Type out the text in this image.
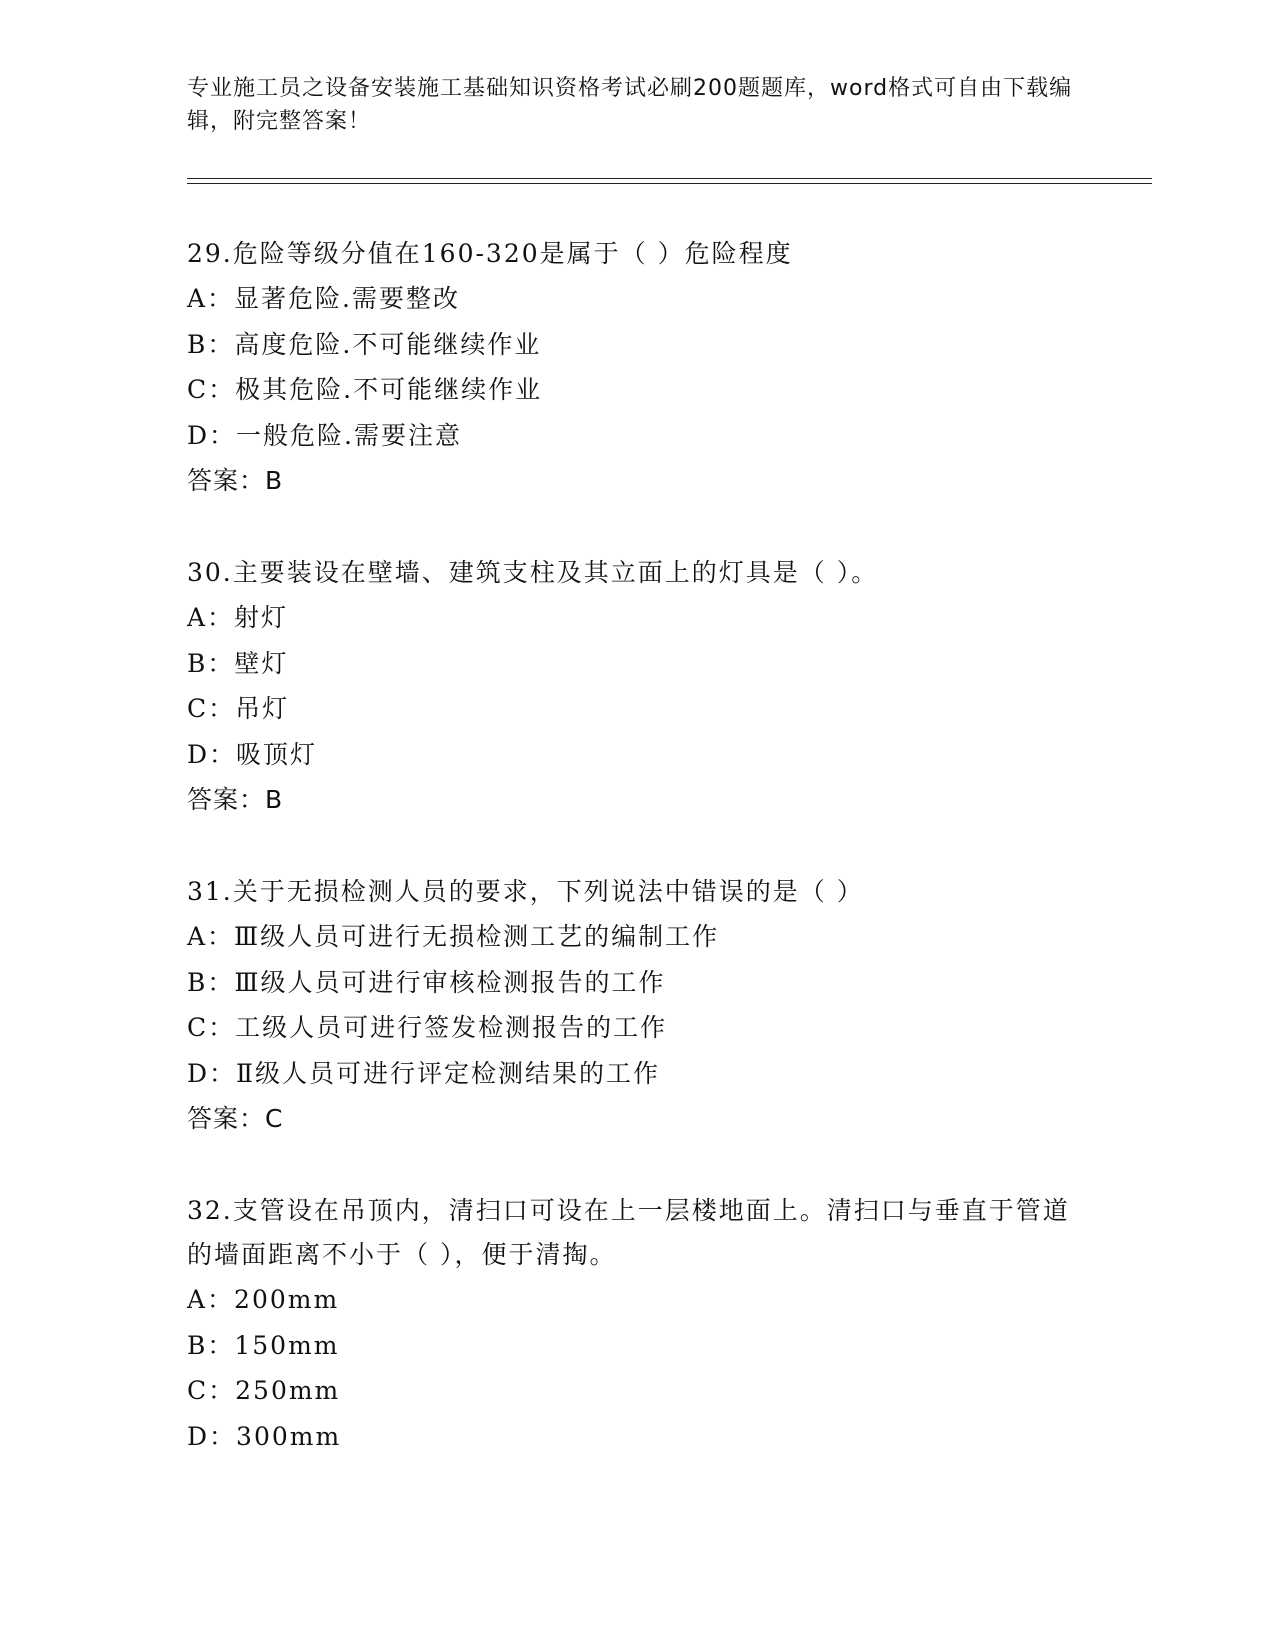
专业施工员之设备安装施工基础知识资格考试必刷200题题库，word格式可自由下载编辑，附完整答案！
29.危险等级分值在160-320是属于（ ）危险程度
A：显著危险.需要整改
B：高度危险.不可能继续作业
C：极其危险.不可能继续作业
D：一般危险.需要注意
答案：B
30.主要装设在壁墙、建筑支柱及其立面上的灯具是（ ）。
A：射灯
B：壁灯
C：吊灯
D：吸顶灯
答案：B
31.关于无损检测人员的要求，下列说法中错误的是（ ）
A：Ⅲ级人员可进行无损检测工艺的编制工作
B：Ⅲ级人员可进行审核检测报告的工作
C：工级人员可进行签发检测报告的工作
D：Ⅱ级人员可进行评定检测结果的工作
答案：C
32.支管设在吊顶内，清扫口可设在上一层楼地面上。清扫口与垂直于管道的墙面距离不小于（ ），便于清掏。
A：200mm
B：150mm
C：250mm
D：300mm
